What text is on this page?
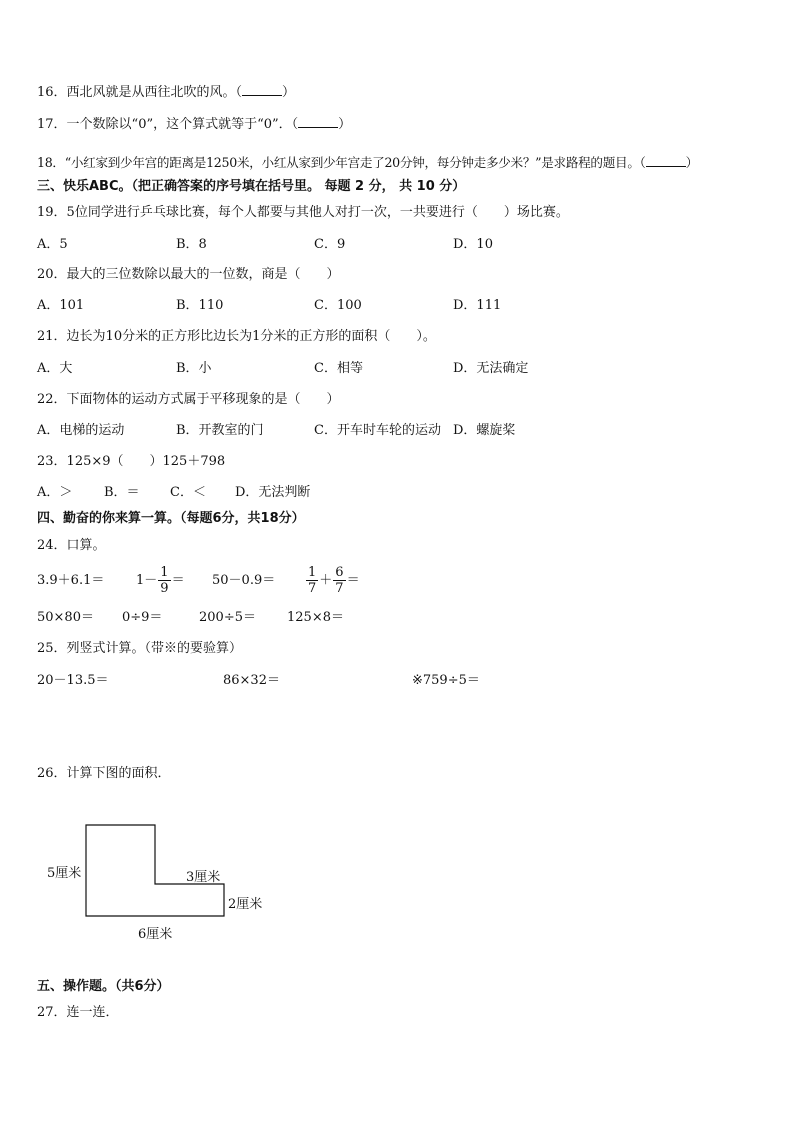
16．西北风就是从西往北吹的风。（	）
17．一个数除以“0”，这个算式就等于“0”．（	）
18．“小红家到少年宫的距离是1250米，小红从家到少年宫走了20分钟，每分钟走多少米？”是求路程的题目。（	）
三、快乐ABC。（把正确答案的序号填在括号里。 每题 2 分， 共 10 分）
19．5位同学进行乒乓球比赛，每个人都要与其他人对打一次，一共要进行（　　）场比赛。
A．5	B．8	C．9	D．10
20．最大的三位数除以最大的一位数，商是（　　）
A．101	B．110	C．100	D．111
21．边长为10分米的正方形比边长为1分米的正方形的面积（　　）。
A．大	B．小	C．相等	D．无法确定
22．下面物体的运动方式属于平移现象的是（　　）
A．电梯的运动	B．开教室的门	C．开车时车轮的运动 D．螺旋桨
23．125×9（　　）125＋798
A．＞ B．＝ C．＜ D．无法判断
四、勤奋的你来算一算。（每题6分，共18分）
24．口算。
$3.9+6.1= 1- \frac{1}{9} = 50-0.9= \frac{1}{7} + \frac{6}{7}$ ＝
50×80＝ 0÷9＝	200÷5＝ 125×8＝
25．列竖式计算。（带※的要验算）
20－13.5＝	86×32＝	※759÷5＝
26．计算下图的面积．
5厘米	3厘米
2厘米
6厘米
五、操作题。（共6分）
27．连一连．
